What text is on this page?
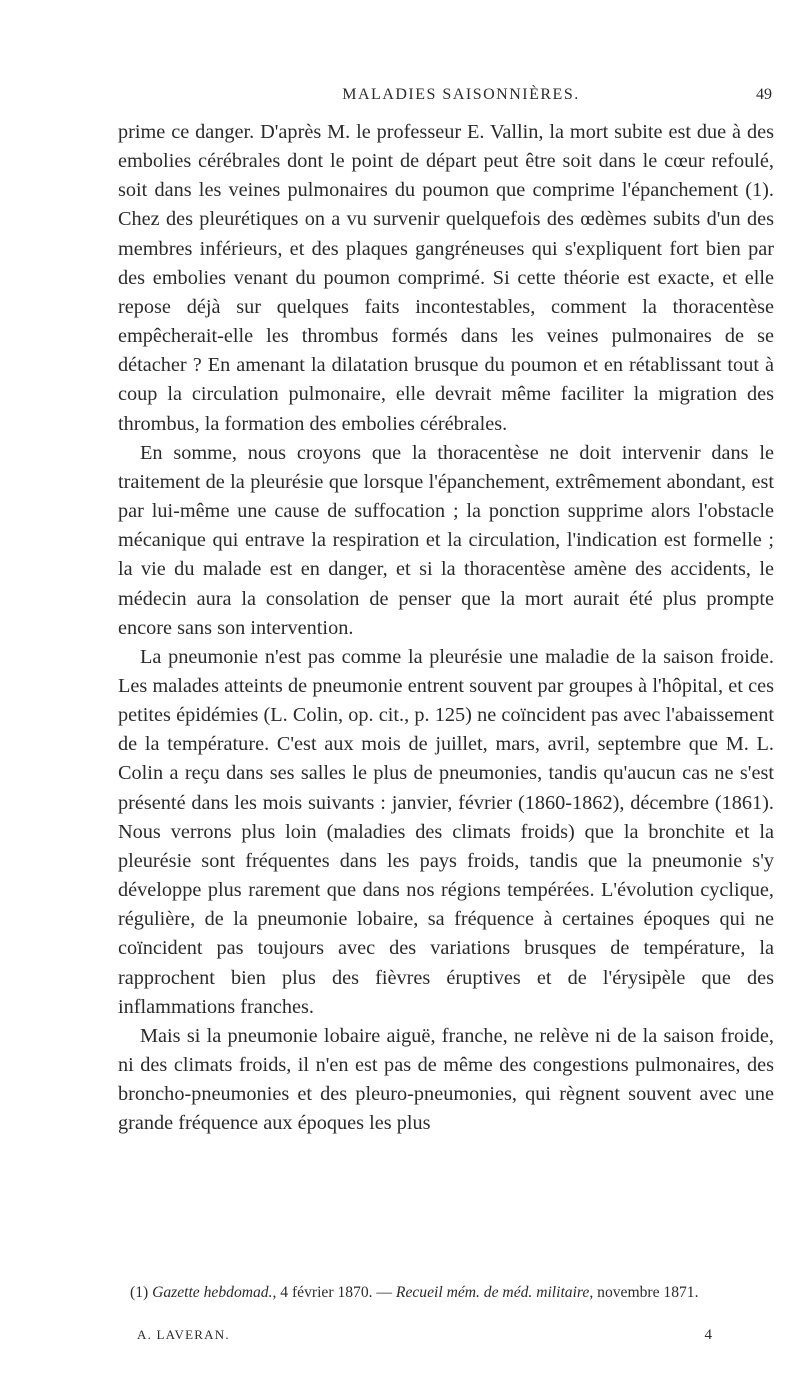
MALADIES SAISONNIÈRES.	49

prime ce danger. D'après M. le professeur E. Vallin, la mort subite est due à des embolies cérébrales dont le point de départ peut être soit dans le cœur refoulé, soit dans les veines pulmonaires du poumon que comprime l'épanchement (1). Chez des pleurétiques on a vu survenir quelquefois des œdèmes subits d'un des membres inférieurs, et des plaques gangréneuses qui s'expliquent fort bien par des embolies venant du poumon comprimé. Si cette théorie est exacte, et elle repose déjà sur quelques faits incontestables, comment la thoracentèse empêcherait-elle les thrombus formés dans les veines pulmonaires de se détacher ? En amenant la dilatation brusque du poumon et en rétablissant tout à coup la circulation pulmonaire, elle devrait même faciliter la migration des thrombus, la formation des embolies cérébrales.

En somme, nous croyons que la thoracentèse ne doit intervenir dans le traitement de la pleurésie que lorsque l'épanchement, extrêmement abondant, est par lui-même une cause de suffocation ; la ponction supprime alors l'obstacle mécanique qui entrave la respiration et la circulation, l'indication est formelle ; la vie du malade est en danger, et si la thoracentèse amène des accidents, le médecin aura la consolation de penser que la mort aurait été plus prompte encore sans son intervention.

La pneumonie n'est pas comme la pleurésie une maladie de la saison froide. Les malades atteints de pneumonie entrent souvent par groupes à l'hôpital, et ces petites épidémies (L. Colin, op. cit., p. 125) ne coïncident pas avec l'abaissement de la température. C'est aux mois de juillet, mars, avril, septembre que M. L. Colin a reçu dans ses salles le plus de pneumonies, tandis qu'aucun cas ne s'est présenté dans les mois suivants : janvier, février (1860-1862), décembre (1861). Nous verrons plus loin (maladies des climats froids) que la bronchite et la pleurésie sont fréquentes dans les pays froids, tandis que la pneumonie s'y développe plus rarement que dans nos régions tempérées. L'évolution cyclique, régulière, de la pneumonie lobaire, sa fréquence à certaines époques qui ne coïncident pas toujours avec des variations brusques de température, la rapprochent bien plus des fièvres éruptives et de l'érysipèle que des inflammations franches.

Mais si la pneumonie lobaire aiguë, franche, ne relève ni de la saison froide, ni des climats froids, il n'en est pas de même des congestions pulmonaires, des broncho-pneumonies et des pleuro-pneumonies, qui règnent souvent avec une grande fréquence aux époques les plus

(1) Gazette hebdomad., 4 février 1870. — Recueil mém. de méd. militaire, novembre 1871.

A. LAVERAN.	4
